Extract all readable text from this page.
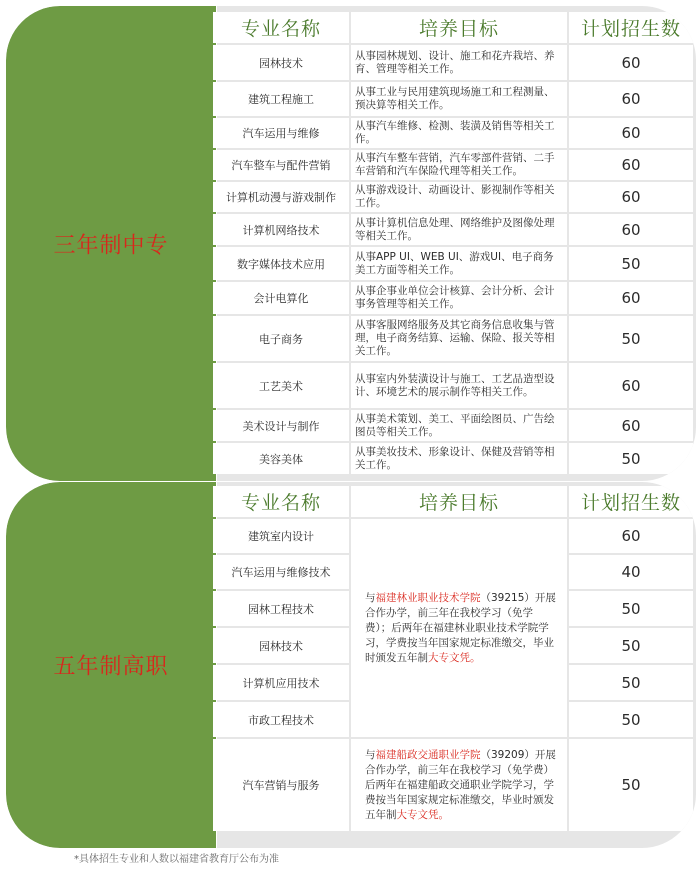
三年制中专
专业名称	培养目标	计划招生数
园林技术	从事园林规划、设计、施工和花卉栽培、养育、管理等相关工作。	60
建筑工程施工	从事工业与民用建筑现场施工和工程测量、预决算等相关工作。	60
汽车运用与维修	从事汽车维修、检测、装潢及销售等相关工作。	60
汽车整车与配件营销	从事汽车整车营销，汽车零部件营销、二手车营销和汽车保险代理等相关工作。	60
计算机动漫与游戏制作	从事游戏设计、动画设计、影视制作等相关工作。	60
计算机网络技术	从事计算机信息处理、网络维护及图像处理等相关工作。	60
数字媒体技术应用	从事APP UI、WEB UI、游戏UI、电子商务美工方面等相关工作。	50
会计电算化	从事企事业单位会计核算、会计分析、会计事务管理等相关工作。	60
电子商务	从事客服网络服务及其它商务信息收集与管理，电子商务结算、运输、保险、报关等相关工作。	50
工艺美术	从事室内外装潢设计与施工、工艺品造型设计、环境艺术的展示制作等相关工作。	60
美术设计与制作	从事美术策划、美工、平面绘图员、广告绘图员等相关工作。	60
美容美体	从事美妆技术、形象设计、保健及营销等相关工作。	50
五年制高职
专业名称	培养目标	计划招生数
建筑室内设计	与福建林业职业技术学院（39215）开展合作办学，前三年在我校学习（免学费）；后两年在福建林业职业技术学院学习，学费按当年国家规定标准缴交，毕业时颁发五年制大专文凭。	60
汽车运用与维修技术		40
园林工程技术		50
园林技术		50
计算机应用技术		50
市政工程技术		50
汽车营销与服务	与福建船政交通职业学院（39209）开展合作办学，前三年在我校学习（免学费）后两年在福建船政交通职业学院学习，学费按当年国家规定标准缴交，毕业时颁发五年制大专文凭。	50
*具体招生专业和人数以福建省教育厅公布为准
